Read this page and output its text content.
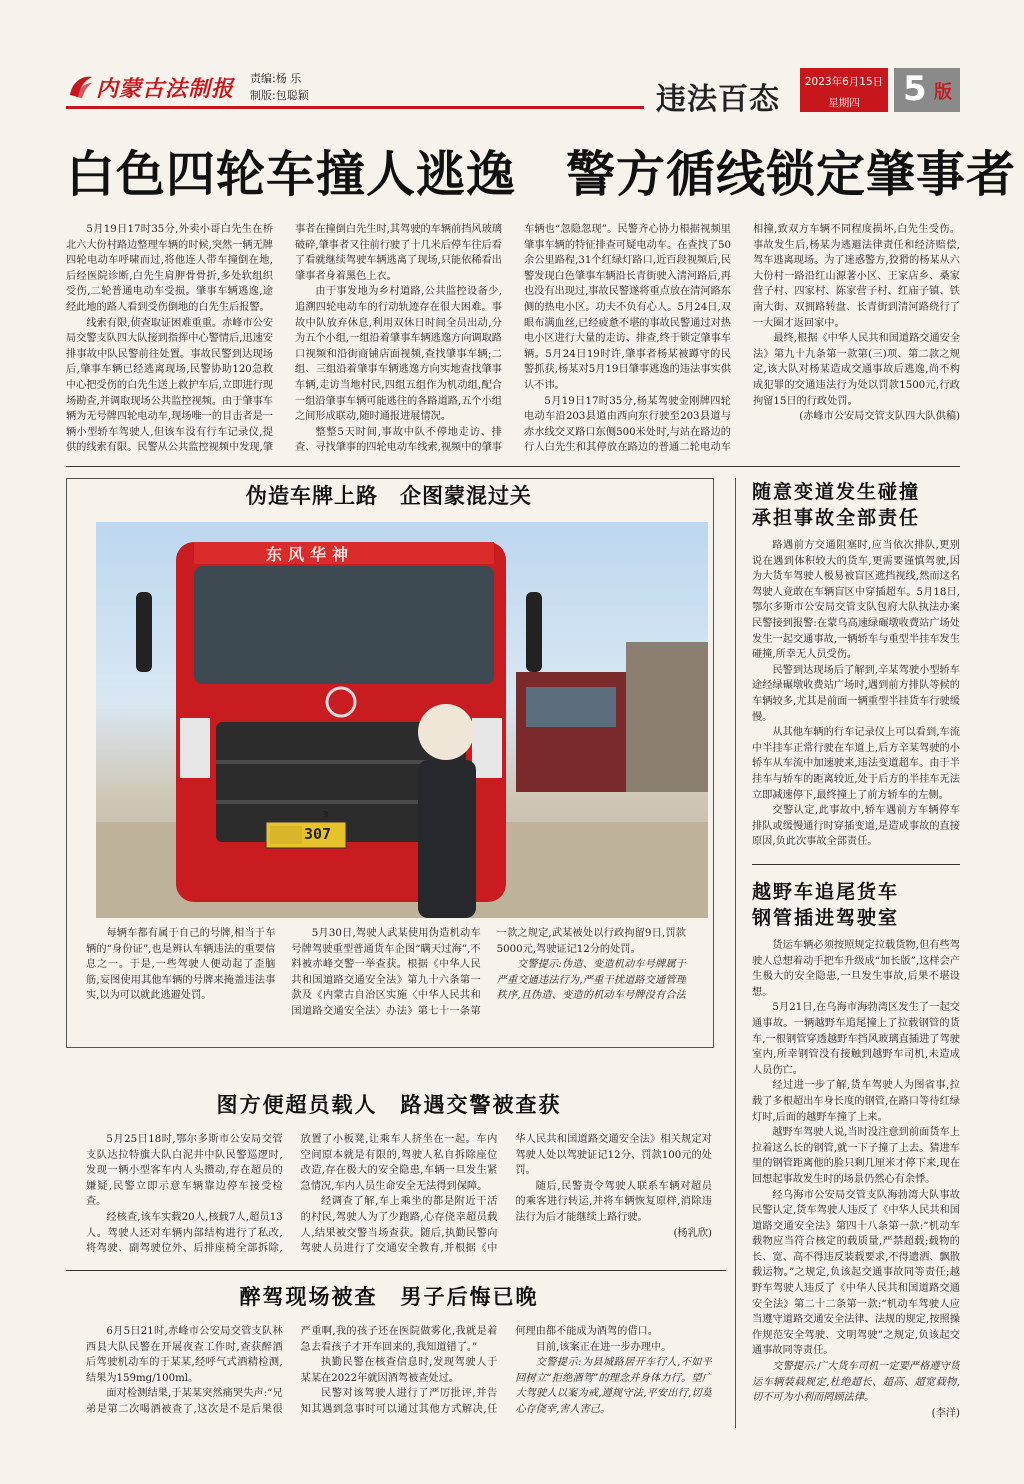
内蒙古法制报 责编:杨 乐
制版:包聪颖	违法百态	2023年6月15日
星期四	5 版
白色四轮车撞人逃逸　警方循线锁定肇事者

5月19日17时35分,外卖小哥白先生在桥北六大份村路边整理车辆的时候,突然一辆无牌四轮电动车呼啸而过,将他连人带车撞倒在地,后经医院诊断,白先生肩胛骨骨折,多处软组织受伤,二轮普通电动车受损。肇事车辆逃逸,途经此地的路人看到受伤倒地的白先生后报警。

线索有限,侦查取证困难重重。赤峰市公安局交警支队四大队接到指挥中心警情后,迅速安排事故中队民警前往处置。事故民警到达现场后,肇事车辆已经逃离现场,民警协助120急救中心把受伤的白先生送上救护车后,立即进行现场勘查,并调取现场公共监控视频。由于肇事车辆为无号牌四轮电动车,现场唯一的目击者是一辆小型轿车驾驶人,但该车没有行车记录仪,提供的线索有限。民警从公共监控视频中发现,肇事者在撞倒白先生时,其驾驶的车辆前挡风玻璃破碎,肇事者又往前行驶了十几米后停车往后看了看就继续驾驶车辆逃离了现场,只能依稀看出肇事者身着黑色上衣。

由于事发地为乡村道路,公共监控设备少,追溯四轮电动车的行动轨迹存在很大困难。事故中队放弃休息,利用双休日时间全员出动,分为五个小组,一组沿着肇事车辆逃逸方向调取路口视频和沿街商铺店面视频,查找肇事车辆;二组、三组沿着肇事车辆逃逸方向实地查找肇事车辆,走访当地村民,四组五组作为机动组,配合一组沿肇事车辆可能逃往的各路道路,五个小组之间形成联动,随时通报进展情况。

整整5天时间,事故中队不停地走访、排查、寻找肇事的四轮电动车线索,视频中的肇事车辆也“忽隐忽现”。民警齐心协力根据视频里肇事车辆的特征排查可疑电动车。在查找了50余公里路程,31个红绿灯路口,近百段视频后,民警发现白色肇事车辆沿长青街驶入清河路后,再也没有出现过,事故民警遂将重点放在清河路东侧的热电小区。功夫不负有心人。5月24日,双眼布满血丝,已经疲惫不堪的事故民警通过对热电小区进行大量的走访、排查,终于锁定肇事车辆。5月24日19时许,肇事者杨某被蹲守的民警抓获,杨某对5月19日肇事逃逸的违法事实供认不讳。

5月19日17时35分,杨某驾驶金刚牌四轮电动车沿203县道由西向东行驶至203县道与赤水线交叉路口东侧500米处时,与站在路边的行人白先生和其停放在路边的普通二轮电动车相撞,致双方车辆不同程度损坏,白先生受伤。事故发生后,杨某为逃避法律责任和经济赔偿,驾车逃离现场。为了迷惑警方,狡猾的杨某从六大份村一路沿红山源著小区、王家店乡、桑家营子村、四家村、陈家营子村、红庙子镇、铁南大街、双拥路转盘、长青街到清河路绕行了一大圈才返回家中。

最终,根据《中华人民共和国道路交通安全法》第九十九条第一款第(三)项、第二款之规定,该大队对杨某造成交通事故后逃逸,尚不构成犯罪的交通违法行为处以罚款1500元,行政拘留15日的行政处罚。

(赤峰市公安局交管支队四大队供稿)

伪造车牌上路　企图蒙混过关
东风华神
3
307

每辆车都有属于自己的号牌,相当于车辆的“身份证”,也是辨认车辆违法的重要信息之一。于是,一些驾驶人便动起了歪脑筋,妄图使用其他车辆的号牌来掩盖违法事实,以为可以就此逃避处罚。

5月30日,驾驶人武某使用伪造机动车号牌驾驶重型普通货车企图“瞒天过海”,不料被赤峰交警一举查获。根据《中华人民共和国道路交通安全法》第九十六条第一款及《内蒙古自治区实施〈中华人民共和国道路交通安全法〉办法》第七十一条第一款之规定,武某被处以行政拘留9日,罚款5000元,驾驶证记12分的处罚。

交警提示:伪造、变造机动车号牌属于严重交通违法行为,严重干扰道路交通管理秩序,且伪造、变造的机动车号牌没有合法

随意变道发生碰撞
承担事故全部责任

路遇前方交通阻塞时,应当依次排队,更别说在遇到体积较大的货车,更需要谨慎驾驶,因为大货车驾驶人极易被盲区遮挡视线,然而这名驾驶人竟敢在车辆盲区中穿插超车。5月18日,鄂尔多斯市公安局交管支队包府大队执法办案民警接到报警:在蒙乌高速绿碾墩收费站广场处发生一起交通事故,一辆轿车与重型半挂车发生碰撞,所幸无人员受伤。

民警到达现场后了解到,辛某驾驶小型轿车途经绿碾墩收费站广场时,遇到前方排队等候的车辆较多,尤其是前面一辆重型半挂货车行驶缓慢。

从其他车辆的行车记录仪上可以看到,车流中半挂车正常行驶在车道上,后方辛某驾驶的小轿车从车流中加速驶来,违法变道超车。由于半挂车与轿车的距离较近,处于后方的半挂车无法立即减速停下,最终撞上了前方轿车的左侧。

交警认定,此事故中,轿车遇前方车辆停车排队或缓慢通行时穿插变道,是造成事故的直接原因,负此次事故全部责任。

越野车追尾货车
钢管插进驾驶室

货运车辆必须按照规定拉载货物,但有些驾驶人总想着动手把车升级成“加长版”,这样会产生极大的安全隐患,一旦发生事故,后果不堪设想。

5月21日,在乌海市海勃湾区发生了一起交通事故。一辆越野车追尾撞上了拉载钢管的货车,一根钢管穿透越野车挡风玻璃直插进了驾驶室内,所幸钢管没有接触到越野车司机,未造成人员伤亡。

经过进一步了解,货车驾驶人为图省事,拉载了多根超出车身长度的钢管,在路口等待红绿灯时,后面的越野车撞了上来。

越野车驾驶人说,当时没注意到前面货车上拉着这么长的钢管,就一下子撞了上去。猜进车里的钢管距离他的脸只剩几厘米才停下来,现在回想起事故发生时的场景仍然心有余悸。

经乌海市公安局交管支队海勃湾大队事故民警认定,货车驾驶人违反了《中华人民共和国道路交通安全法》第四十八条第一款:“机动车载物应当符合核定的载质量,严禁超载;载物的长、宽、高不得违反装载要求,不得遗洒、飘散载运物。”之规定,负该起交通事故同等责任;越野车驾驶人违反了《中华人民共和国道路交通安全法》第二十二条第一款:“机动车驾驶人应当遵守道路交通安全法律、法规的规定,按照操作规范安全驾驶、文明驾驶”之规定,负该起交通事故同等责任。

交警提示:广大货车司机一定要严格遵守货运车辆装载规定,杜绝超长、超高、超宽载物,切不可为小利而罔顾法律。

(李洋)

图方便超员载人　路遇交警被查获

5月25日18时,鄂尔多斯市公安局交管支队达拉特旗大队白泥井中队民警巡逻时,发现一辆小型客车内人头攒动,存在超员的嫌疑,民警立即示意车辆靠边停车接受检查。

经核查,该车实载20人,核载7人,超员13人。驾驶人还对车辆内部结构进行了私改,将驾驶、副驾驶位外、后排座椅全部拆除,放置了小板凳,让乘车人挤坐在一起。车内空间原本就是有限的,驾驶人私自拆除座位改造,存在极大的安全隐患,车辆一旦发生紧急情况,车内人员生命安全无法得到保障。

经调查了解,车上乘坐的都是附近干活的村民,驾驶人为了少跑路,心存侥幸超员载人,结果被交警当场查获。随后,执勤民警向驾驶人员进行了交通安全教育,并根据《中华人民共和国道路交通安全法》相关规定对驾驶人处以驾驶证记12分、罚款100元的处罚。

随后,民警责令驾驶人联系车辆对超员的乘客进行转运,并将车辆恢复原样,消除违法行为后才能继续上路行驶。

(杨乳欣)

醉驾现场被查　男子后悔已晚

6月5日21时,赤峰市公安局交管支队林西县大队民警在开展夜查工作时,查获醉酒后驾驶机动车的于某某,经呼气式酒精检测,结果为159mg/100ml。

面对检测结果,于某某突然痛哭失声:“兄弟是第二次喝酒被查了,这次是不是后果很严重啊,我的孩子还在医院做雾化,我就是着急去看孩子才开车回来的,我知道错了。”

执勤民警在核查信息时,发现驾驶人于某某在2022年就因酒驾被查处过。

民警对该驾驶人进行了严厉批评,并告知其遇到急事时可以通过其他方式解决,任何理由都不能成为酒驾的借口。

目前,该案正在进一步办理中。

交警提示:为县城路居开车行人,不如平回树立“拒绝酒驾”的理念并身体力行。望广大驾驶人以案为戒,遵规守法,平安出行,切莫心存侥幸,害人害己。
